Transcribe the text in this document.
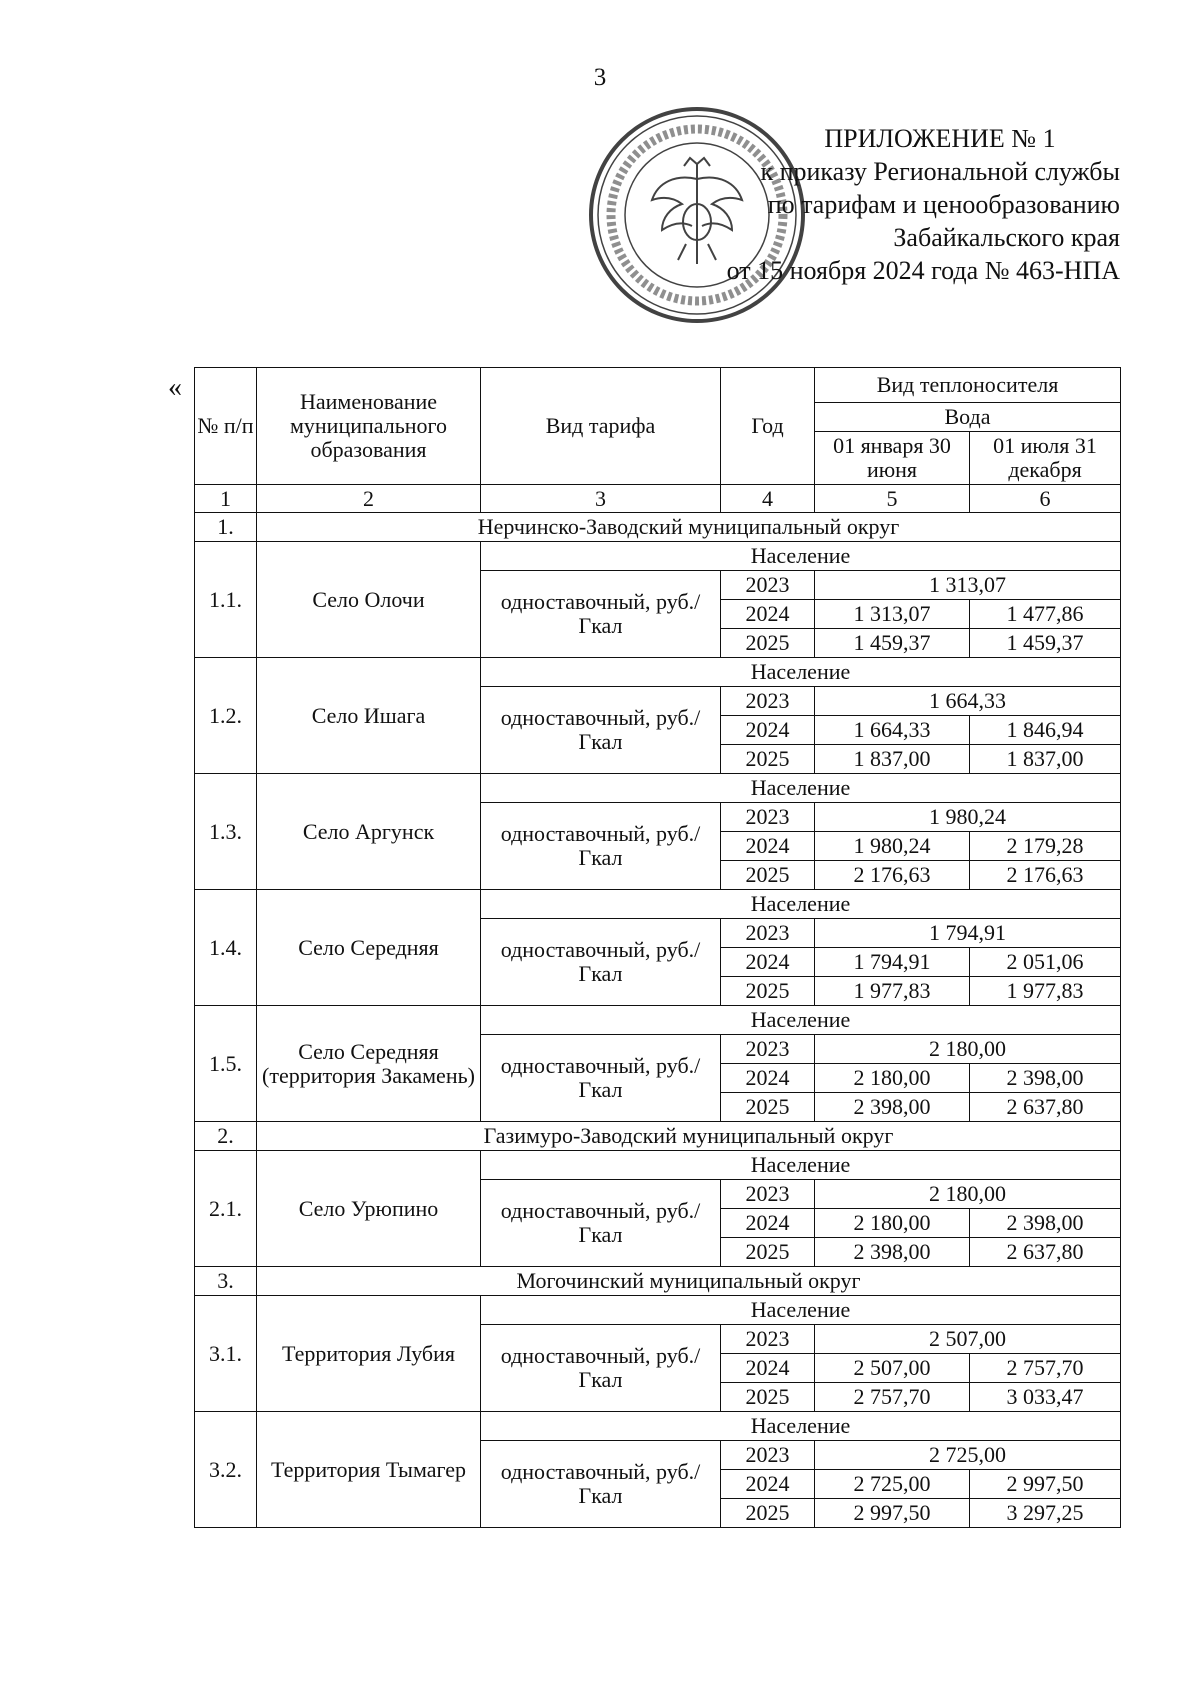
3
ПРИЛОЖЕНИЕ № 1
к приказу Региональной службы
по тарифам и ценообразованию
Забайкальского края
от 15 ноября 2024 года № 463-НПА
«
№ п/п	Наименование муниципального образования	Вид тарифа	Год	Вид теплоносителя	
				Вода	
				01 января 30 июня	01 июля 31 декабря
1	2	3	4	5	6
1.	Нерчинско-Заводский муниципальный округ				
1.1.	Село Олочи	Население			
		одноставочный, руб./Гкал	2023	1 313,07	
			2024	1 313,07	1 477,86
			2025	1 459,37	1 459,37
1.2.	Село Ишага	Население			
		одноставочный, руб./Гкал	2023	1 664,33	
			2024	1 664,33	1 846,94
			2025	1 837,00	1 837,00
1.3.	Село Аргунск	Население			
		одноставочный, руб./Гкал	2023	1 980,24	
			2024	1 980,24	2 179,28
			2025	2 176,63	2 176,63
1.4.	Село Середняя	Население			
		одноставочный, руб./Гкал	2023	1 794,91	
			2024	1 794,91	2 051,06
			2025	1 977,83	1 977,83
1.5.	Село Середняя (территория Закамень)	Население			
		одноставочный, руб./Гкал	2023	2 180,00	
			2024	2 180,00	2 398,00
			2025	2 398,00	2 637,80
2.	Газимуро-Заводский муниципальный округ				
2.1.	Село Урюпино	Население			
		одноставочный, руб./Гкал	2023	2 180,00	
			2024	2 180,00	2 398,00
			2025	2 398,00	2 637,80
3.	Могочинский муниципальный округ				
3.1.	Территория Лубия	Население			
		одноставочный, руб./Гкал	2023	2 507,00	
			2024	2 507,00	2 757,70
			2025	2 757,70	3 033,47
3.2.	Территория Тымагер	Население			
		одноставочный, руб./Гкал	2023	2 725,00	
			2024	2 725,00	2 997,50
			2025	2 997,50	3 297,25
